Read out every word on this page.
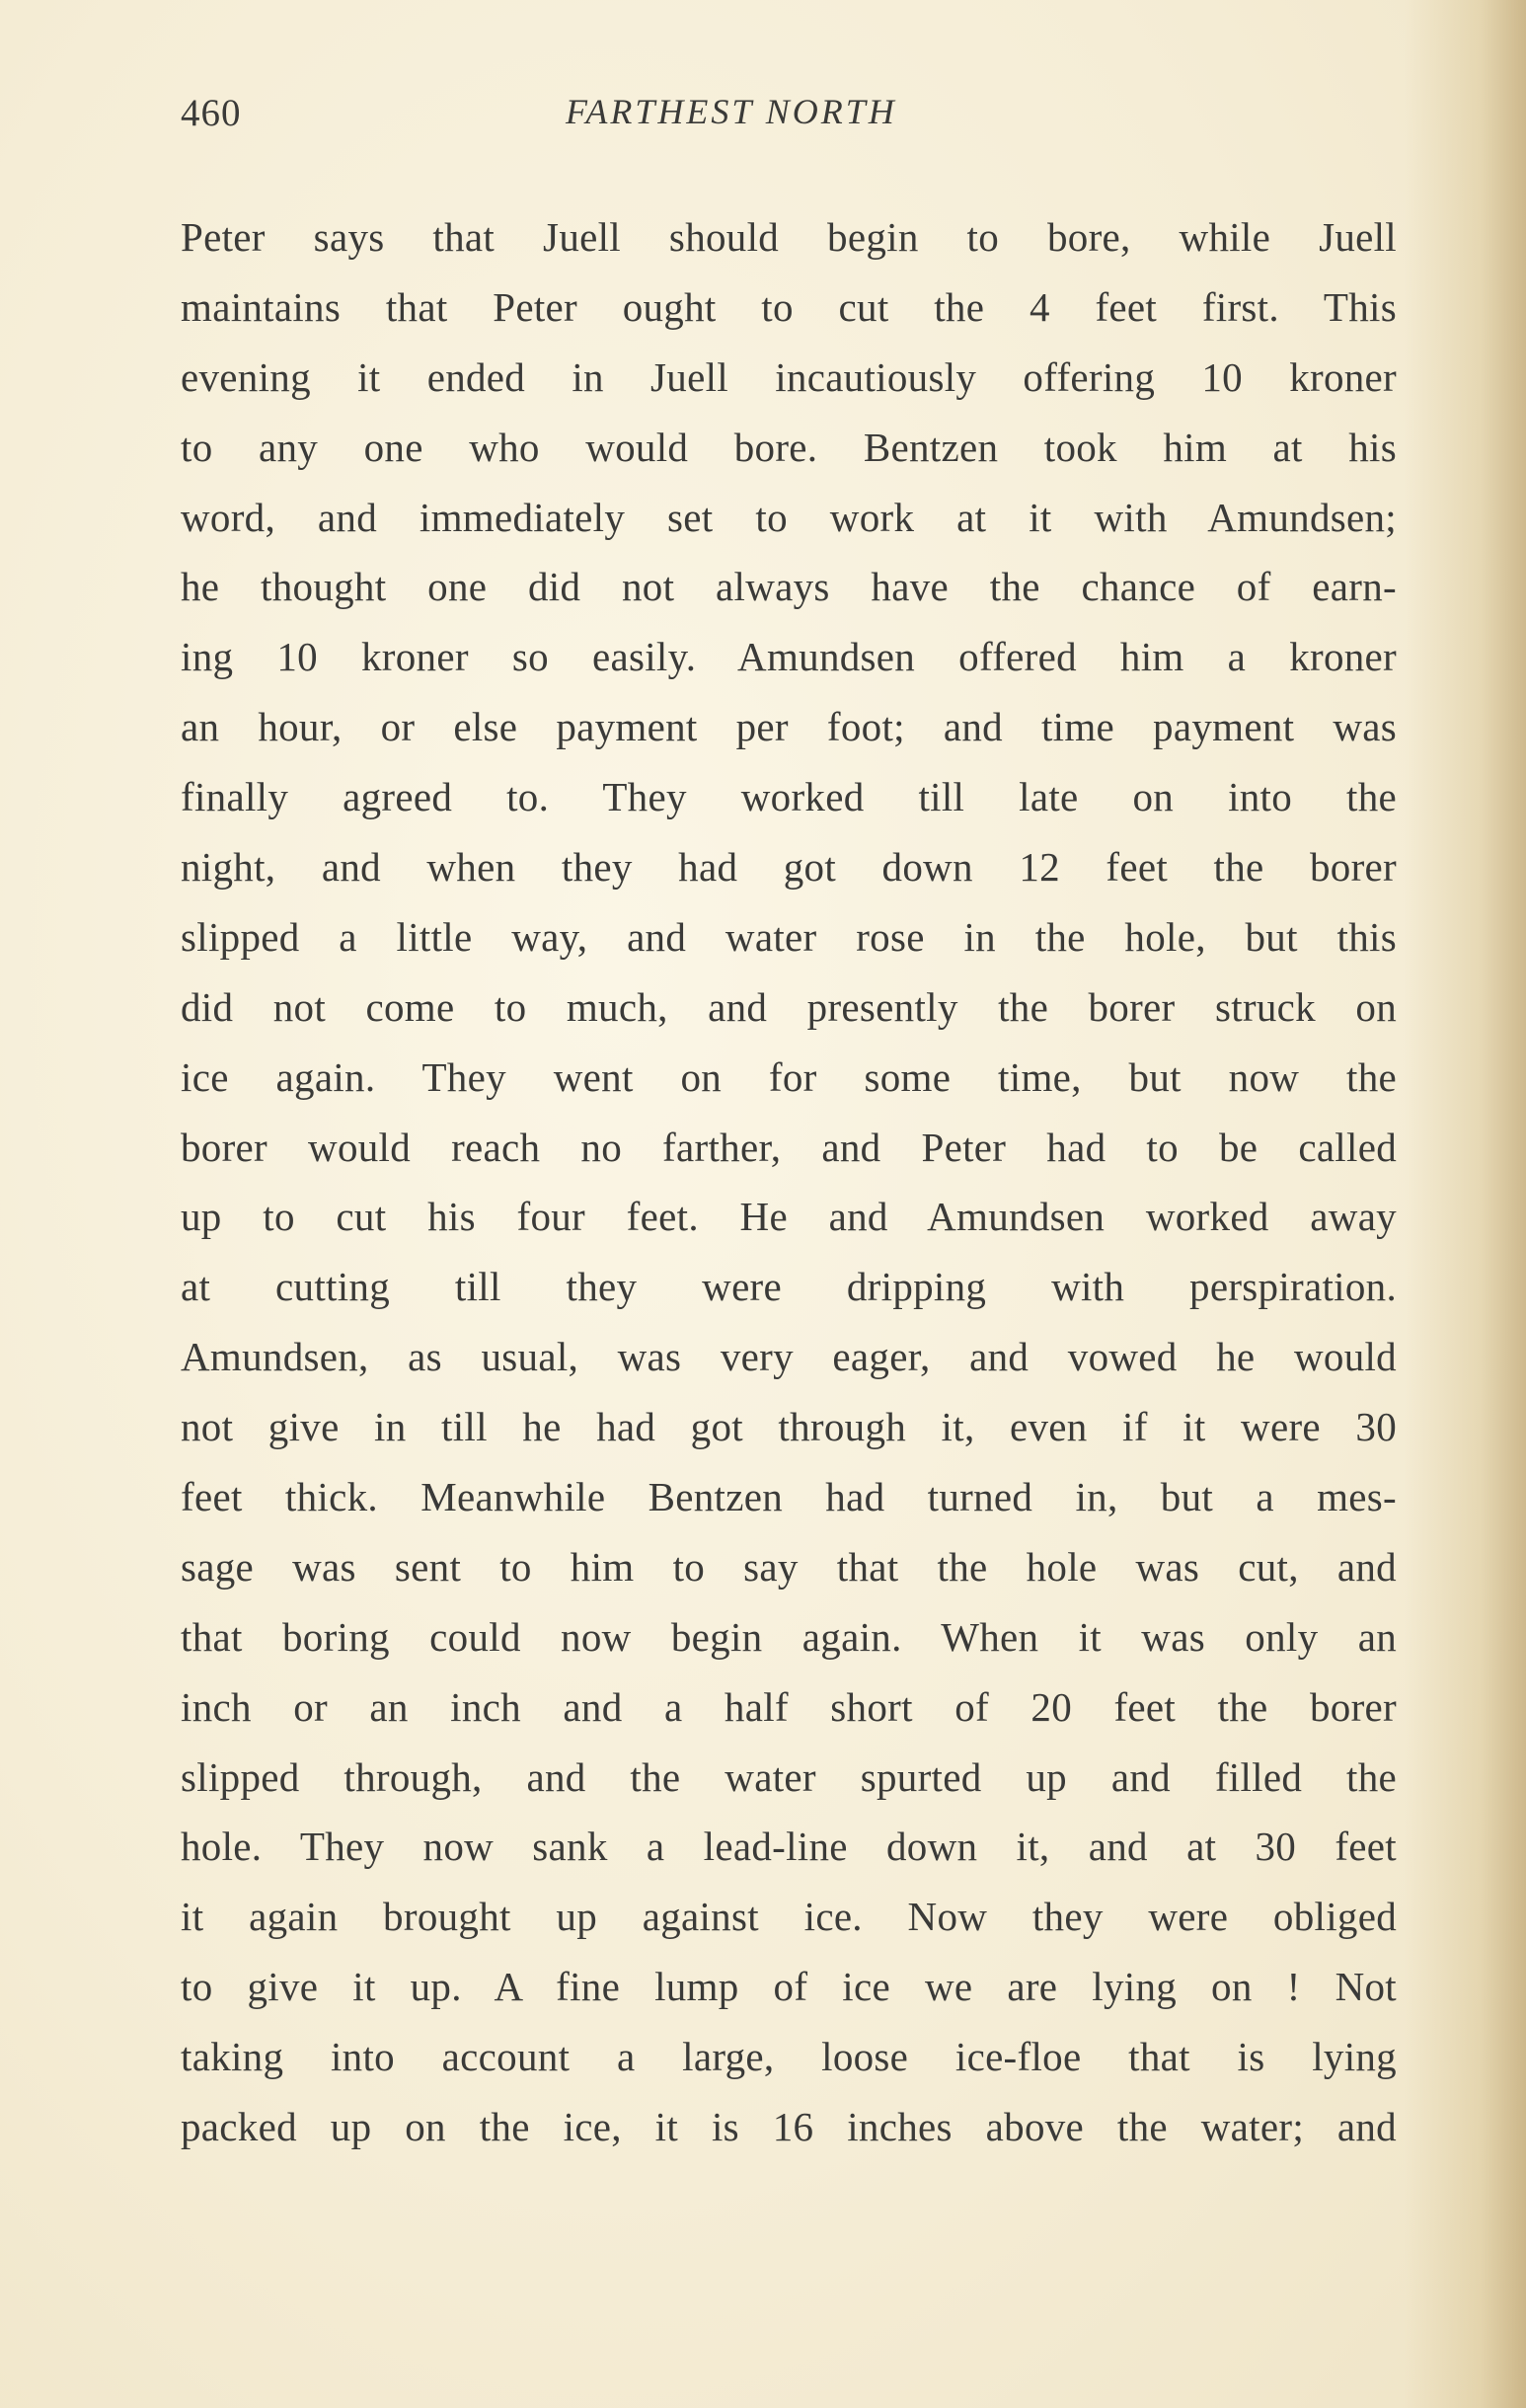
460	FARTHEST NORTH
Peter says that Juell should begin to bore, while Juell
maintains that Peter ought to cut the 4 feet first. This
evening it ended in Juell incautiously offering 10 kroner
to any one who would bore. Bentzen took him at his
word, and immediately set to work at it with Amundsen;
he thought one did not always have the chance of earn-
ing 10 kroner so easily. Amundsen offered him a kroner
an hour, or else payment per foot; and time payment was
finally agreed to. They worked till late on into the
night, and when they had got down 12 feet the borer
slipped a little way, and water rose in the hole, but this
did not come to much, and presently the borer struck on
ice again. They went on for some time, but now the
borer would reach no farther, and Peter had to be called
up to cut his four feet. He and Amundsen worked away
at cutting till they were dripping with perspiration.
Amundsen, as usual, was very eager, and vowed he would
not give in till he had got through it, even if it were 30
feet thick. Meanwhile Bentzen had turned in, but a mes-
sage was sent to him to say that the hole was cut, and
that boring could now begin again. When it was only an
inch or an inch and a half short of 20 feet the borer
slipped through, and the water spurted up and filled the
hole. They now sank a lead-line down it, and at 30 feet
it again brought up against ice. Now they were obliged
to give it up. A fine lump of ice we are lying on ! Not
taking into account a large, loose ice-floe that is lying
packed up on the ice, it is 16 inches above the water; and
